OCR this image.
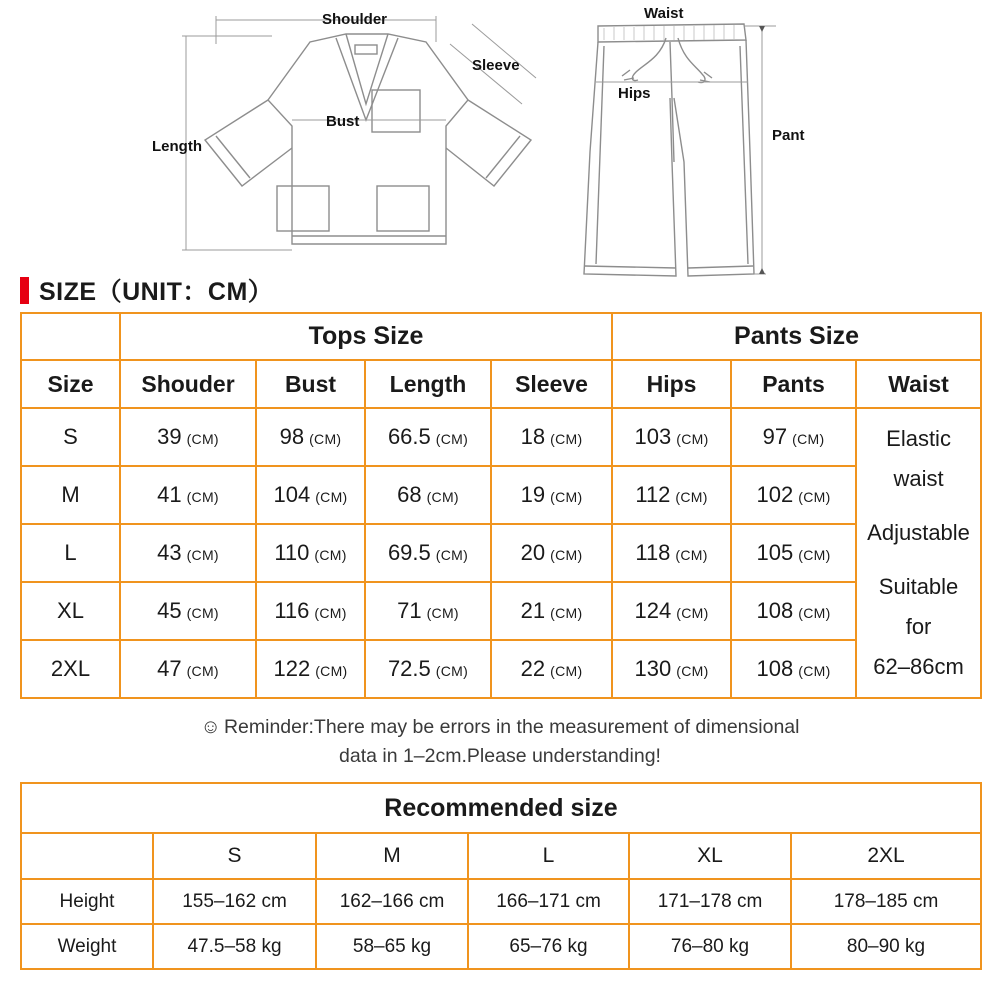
Shoulder
Sleeve
Bust
Length
Waist
Hips
Pant
SIZE（UNIT：CM）
	Tops Size				Pants Size		
Size	Shouder	Bust	Length	Sleeve	Hips	Pants	Waist
S	39 (CM)	98 (CM)	66.5 (CM)	18 (CM)	103 (CM)	97 (CM)	Elastic
waist
Adjustable
Suitable
for
62–86cm

M	41 (CM)	104 (CM)	68 (CM)	19 (CM)	112 (CM)	102 (CM)	
L	43 (CM)	110 (CM)	69.5 (CM)	20 (CM)	118 (CM)	105 (CM)	
XL	45 (CM)	116 (CM)	71 (CM)	21 (CM)	124 (CM)	108 (CM)	
2XL	47 (CM)	122 (CM)	72.5 (CM)	22 (CM)	130 (CM)	108 (CM)	
☺ Reminder:There may be errors in the measurement of dimensional
data in 1–2cm.Please understanding!
Recommended size					
	S	M	L	XL	2XL
Height	155–162 cm	162–166 cm	166–171 cm	171–178 cm	178–185 cm
Weight	47.5–58 kg	58–65 kg	65–76 kg	76–80 kg	80–90 kg
